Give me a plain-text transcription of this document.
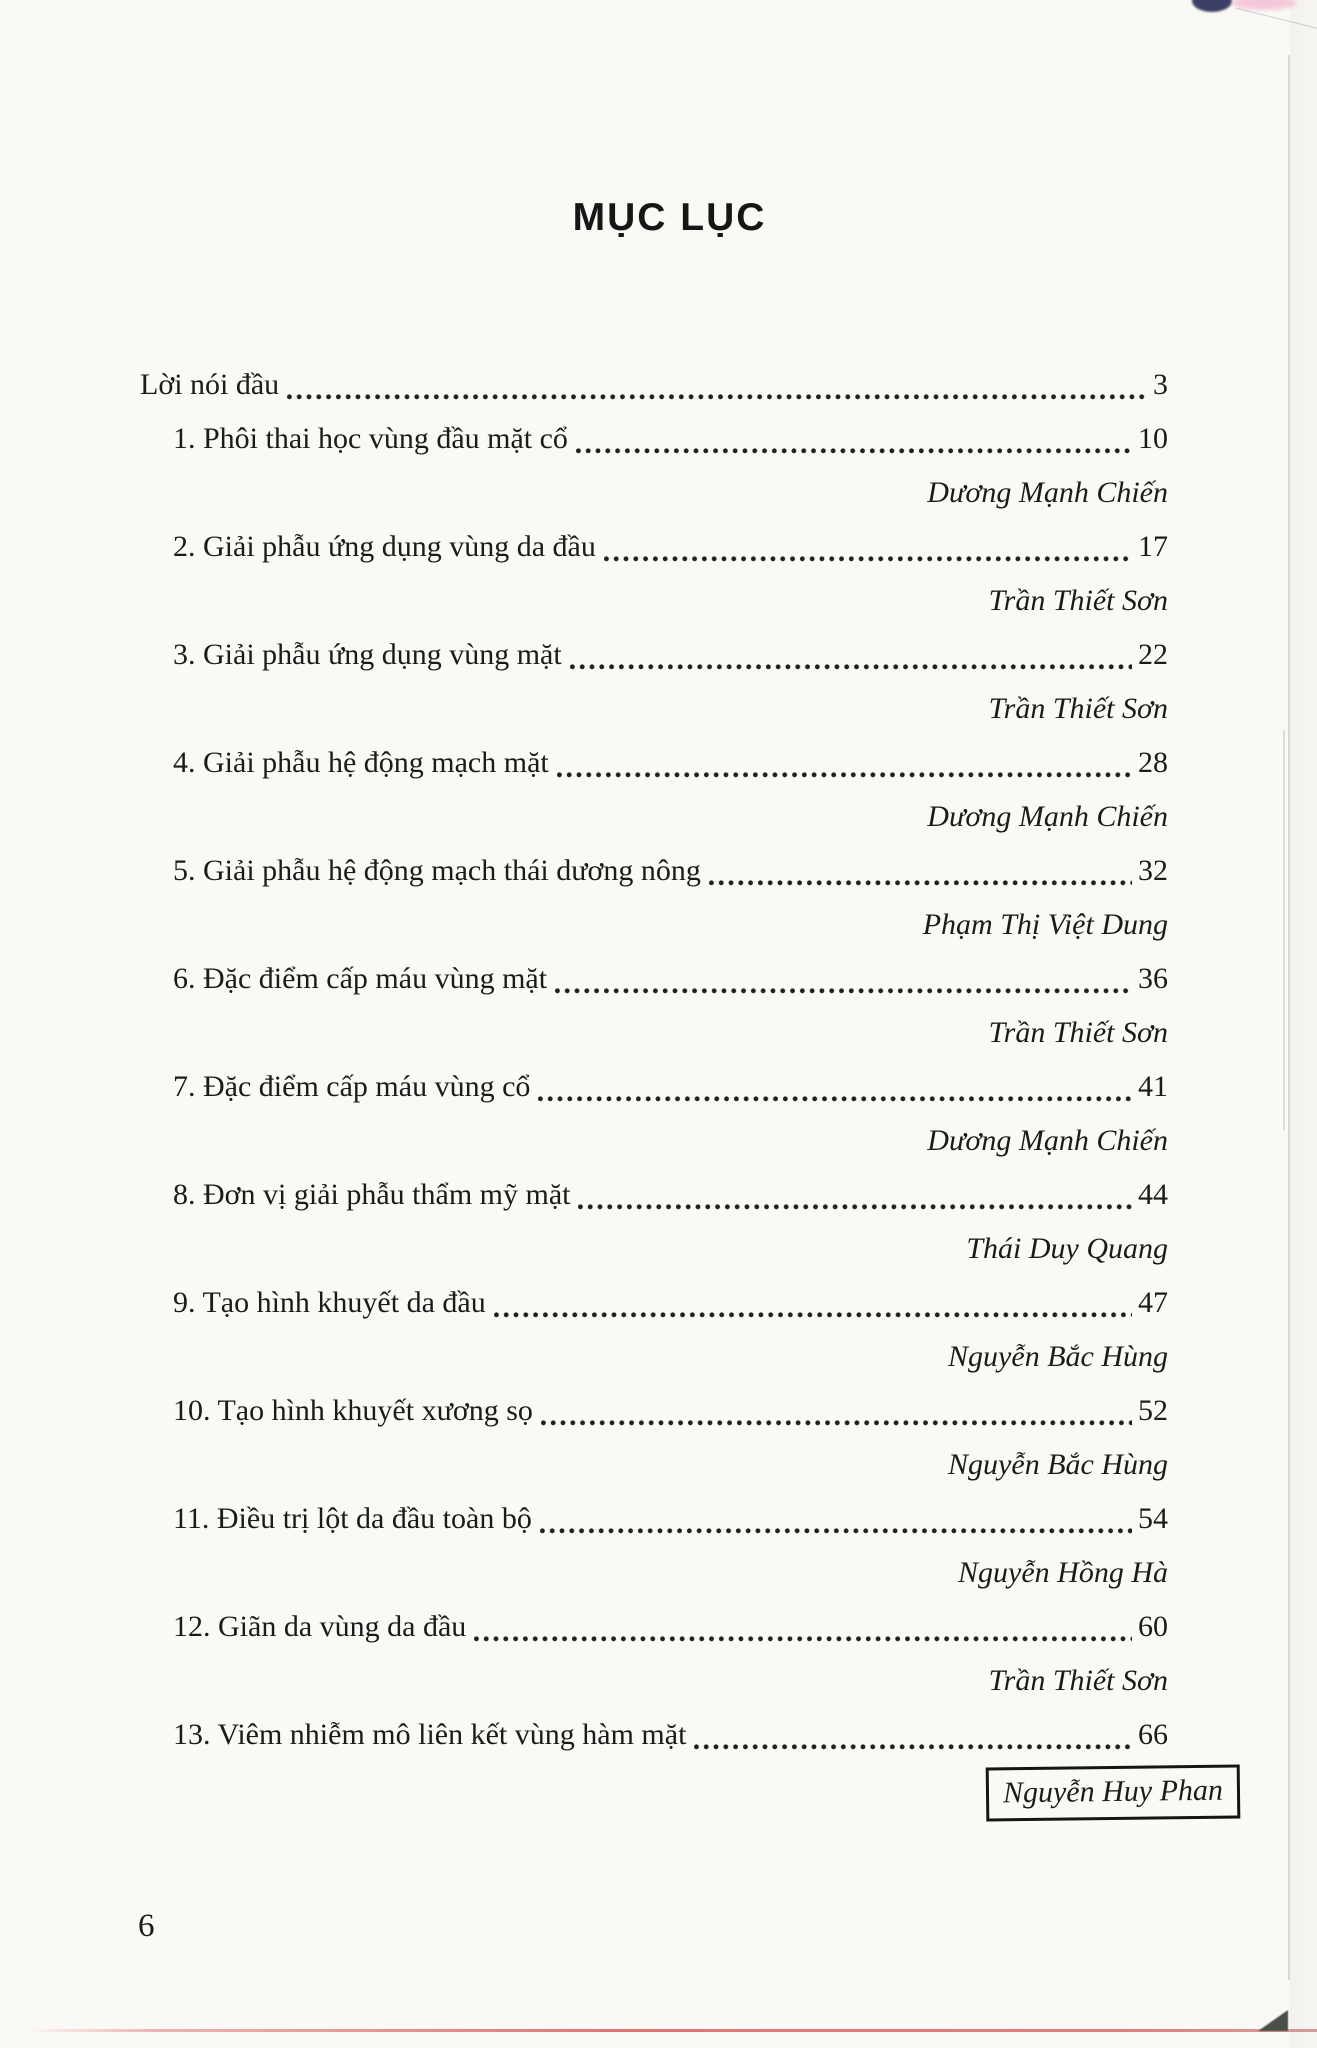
MỤC LỤC
Lời nói đầu	3
1. Phôi thai học vùng đầu mặt cổ	10
Dương Mạnh Chiến
2. Giải phẫu ứng dụng vùng da đầu	17
Trần Thiết Sơn
3. Giải phẫu ứng dụng vùng mặt	22
Trần Thiết Sơn
4. Giải phẫu hệ động mạch mặt	28
Dương Mạnh Chiến
5. Giải phẫu hệ động mạch thái dương nông	32
Phạm Thị Việt Dung
6. Đặc điểm cấp máu vùng mặt	36
Trần Thiết Sơn
7. Đặc điểm cấp máu vùng cổ	41
Dương Mạnh Chiến
8. Đơn vị giải phẫu thẩm mỹ mặt	44
Thái Duy Quang
9. Tạo hình khuyết da đầu	47
Nguyễn Bắc Hùng
10. Tạo hình khuyết xương sọ	52
Nguyễn Bắc Hùng
11. Điều trị lột da đầu toàn bộ	54
Nguyễn Hồng Hà
12. Giãn da vùng da đầu	60
Trần Thiết Sơn
13. Viêm nhiễm mô liên kết vùng hàm mặt	66
Nguyễn Huy Phan
6
